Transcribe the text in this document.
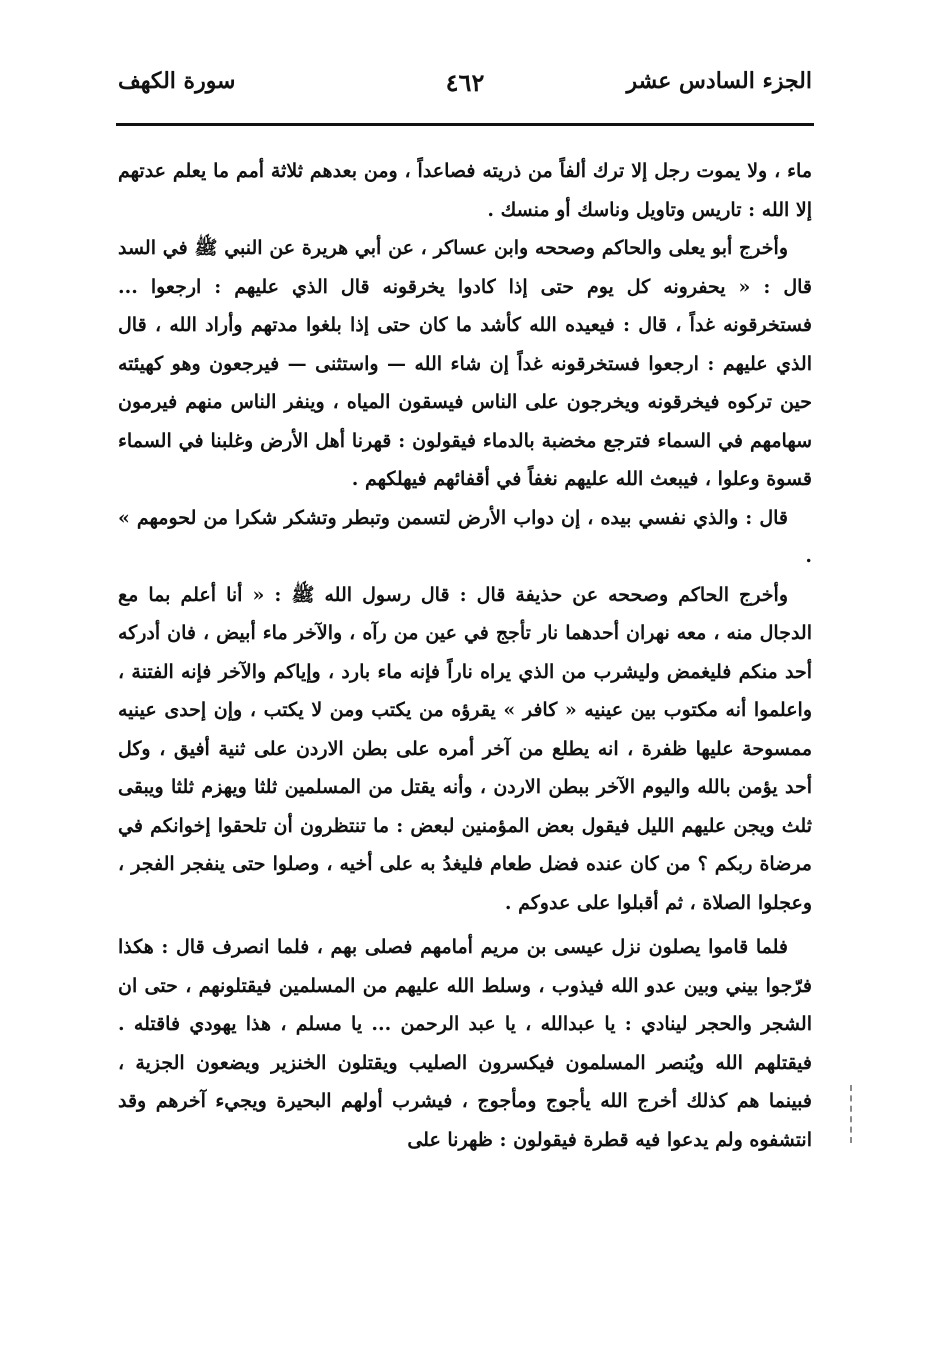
الجزء السادس عشر
٤٦٢
سورة الكهف

ماء ، ولا يموت رجل إلا ترك ألفاً من ذريته فصاعداً ، ومن بعدهم ثلاثة أمم ما يعلم عدتهم إلا الله : تاريس وتاويل وناسك أو منسك .

وأخرج أبو يعلى والحاكم وصححه وابن عساكر ، عن أبي هريرة عن النبي ﷺ في السد قال : « يحفرونه كل يوم حتى إذا كادوا يخرقونه قال الذي عليهم : ارجعوا ... فستخرقونه غداً ، قال : فيعيده الله كأشد ما كان حتى إذا بلغوا مدتهم وأراد الله ، قال الذي عليهم : ارجعوا فستخرقونه غداً إن شاء الله — واستثنى — فيرجعون وهو كهيئته حين تركوه فيخرقونه ويخرجون على الناس فيسقون المياه ، وينفر الناس منهم فيرمون سهامهم في السماء فترجع مخضبة بالدماء فيقولون : قهرنا أهل الأرض وغلبنا في السماء قسوة وعلوا ، فيبعث الله عليهم نغفاً في أقفائهم فيهلكهم .

قال : والذي نفسي بيده ، إن دواب الأرض لتسمن وتبطر وتشكر شكرا من لحومهم » .

وأخرج الحاكم وصححه عن حذيفة قال : قال رسول الله ﷺ : « أنا أعلم بما مع الدجال منه ، معه نهران أحدهما نار تأجج في عين من رآه ، والآخر ماء أبيض ، فان أدركه أحد منكم فليغمض وليشرب من الذي يراه ناراً فإنه ماء بارد ، وإياكم والآخر فإنه الفتنة ، واعلموا أنه مكتوب بين عينيه « كافر » يقرؤه من يكتب ومن لا يكتب ، وإن إحدى عينيه ممسوحة عليها ظفرة ، انه يطلع من آخر أمره على بطن الاردن على ثنية أفيق ، وكل أحد يؤمن بالله واليوم الآخر ببطن الاردن ، وأنه يقتل من المسلمين ثلثا ويهزم ثلثا ويبقى ثلث ويجن عليهم الليل فيقول بعض المؤمنين لبعض : ما تنتظرون أن تلحقوا إخوانكم في مرضاة ربكم ؟ من كان عنده فضل طعام فليغدُ به على أخيه ، وصلوا حتى ينفجر الفجر ، وعجلوا الصلاة ، ثم أقبلوا على عدوكم .

فلما قاموا يصلون نزل عيسى بن مريم أمامهم فصلى بهم ، فلما انصرف قال : هكذا فرّجوا بيني وبين عدو الله فيذوب ، وسلط الله عليهم من المسلمين فيقتلونهم ، حتى ان الشجر والحجر لينادي : يا عبدالله ، يا عبد الرحمن ... يا مسلم ، هذا يهودي فاقتله . فيقتلهم الله ويُنصر المسلمون فيكسرون الصليب ويقتلون الخنزير ويضعون الجزية ، فبينما هم كذلك أخرج الله يأجوج ومأجوج ، فيشرب أولهم البحيرة ويجيء آخرهم وقد انتشفوه ولم يدعوا فيه قطرة فيقولون : ظهرنا على
